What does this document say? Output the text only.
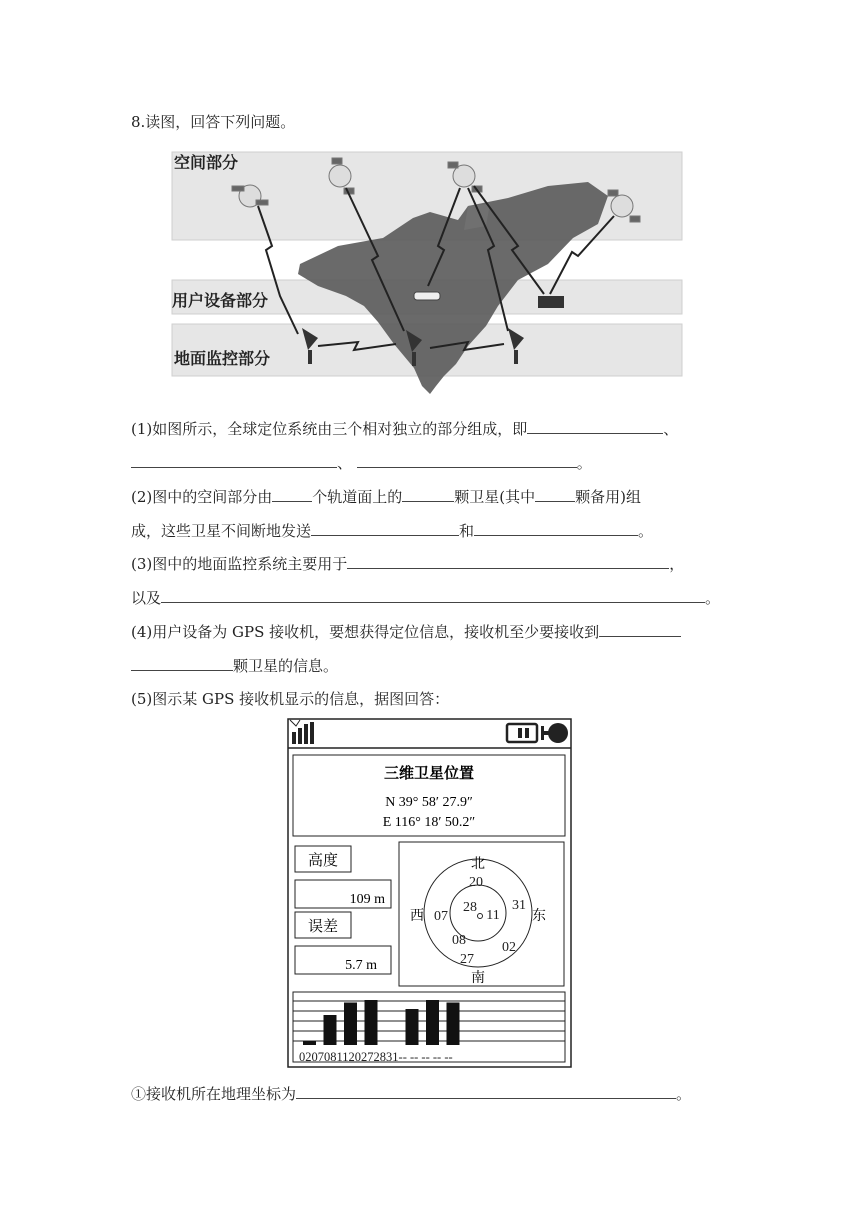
8.读图，回答下列问题。
空间部分
用户设备部分
地面监控部分
(1)如图所示，全球定位系统由三个相对独立的部分组成，即	、
、	。
(2)图中的空间部分由	个轨道面上的	颗卫星(其中	颗备用)组
成，这些卫星不间断地发送	和	。
(3)图中的地面监控系统主要用于	，
以及	。
(4)用户设备为 GPS 接收机，要想获得定位信息，接收机至少要接收到
颗卫星的信息。
(5)图示某 GPS 接收机显示的信息，据图回答：
三维卫星位置
N 39° 58′ 27.9″
E 116° 18′ 50.2″
高度
109 m
误差
5.7 m
北
南
东
西
20
31
28
11
07
08	02
27
0207081120272831-- -- -- -- --
①接收机所在地理坐标为	。
